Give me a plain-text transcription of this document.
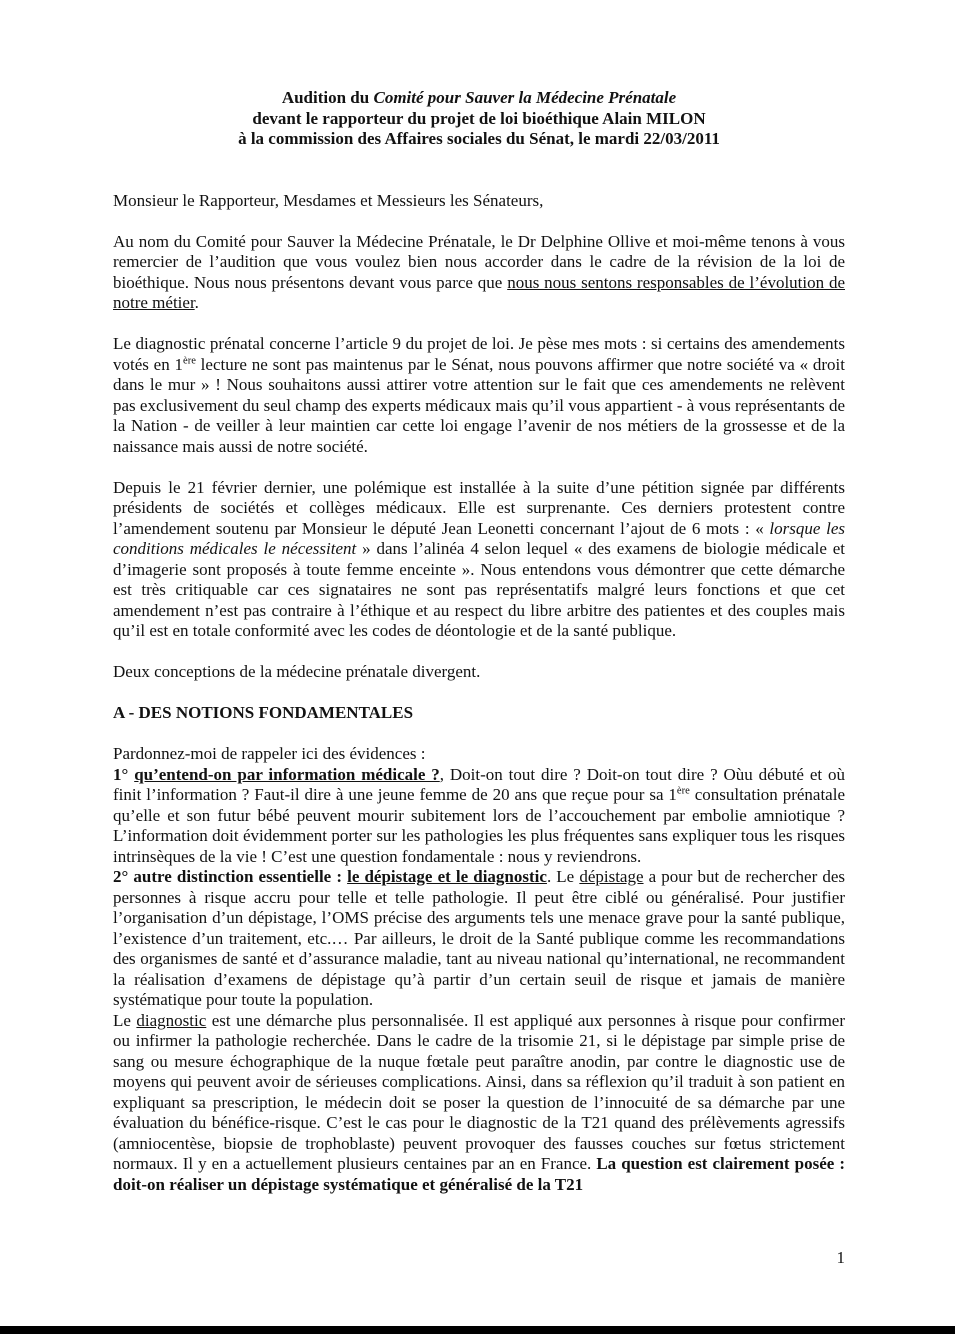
Audition du Comité pour Sauver la Médecine Prénatale
devant le rapporteur du projet de loi bioéthique Alain MILON
à la commission des Affaires sociales du Sénat, le mardi 22/03/2011

Monsieur le Rapporteur, Mesdames et Messieurs les Sénateurs,

Au nom du Comité pour Sauver la Médecine Prénatale, le Dr Delphine Ollive et moi-même tenons à vous remercier de l’audition que vous voulez bien nous accorder dans le cadre de la révision de la loi de bioéthique. Nous nous présentons devant vous parce que nous nous sentons responsables de l’évolution de notre métier.

Le diagnostic prénatal concerne l’article 9 du projet de loi. Je pèse mes mots : si certains des amendements votés en 1ère lecture ne sont pas maintenus par le Sénat, nous pouvons affirmer que notre société va « droit dans le mur » ! Nous souhaitons aussi attirer votre attention sur le fait que ces amendements ne relèvent pas exclusivement du seul champ des experts médicaux mais qu’il vous appartient - à vous représentants de la Nation - de veiller à leur maintien car cette loi engage l’avenir de nos métiers de la grossesse et de la naissance mais aussi de notre société.

Depuis le 21 février dernier, une polémique est installée à la suite d’une pétition signée par différents présidents de sociétés et collèges médicaux. Elle est surprenante. Ces derniers protestent contre l’amendement soutenu par Monsieur le député Jean Leonetti concernant l’ajout de 6 mots : « lorsque les conditions médicales le nécessitent » dans l’alinéa 4 selon lequel « des examens de biologie médicale et d’imagerie sont proposés à toute femme enceinte ». Nous entendons vous démontrer que cette démarche est très critiquable car ces signataires ne sont pas représentatifs malgré leurs fonctions et que cet amendement n’est pas contraire à l’éthique et au respect du libre arbitre des patientes et des couples mais qu’il est en totale conformité avec les codes de déontologie et de la santé publique.

Deux conceptions de la médecine prénatale divergent.

A - DES NOTIONS FONDAMENTALES

Pardonnez-moi de rappeler ici des évidences :

1° qu’entend-on par information médicale ?, Doit-on tout dire ? Doit-on tout dire ? Oùu débuté et où finit l’information ? Faut-il dire à une jeune femme de 20 ans que reçue pour sa 1ère consultation prénatale qu’elle et son futur bébé peuvent mourir subitement lors de l’accouchement par embolie amniotique ? L’information doit évidemment porter sur les pathologies les plus fréquentes sans expliquer tous les risques intrinsèques de la vie ! C’est une question fondamentale : nous y reviendrons.

2° autre distinction essentielle : le dépistage et le diagnostic. Le dépistage a pour but de rechercher des personnes à risque accru pour telle et telle pathologie. Il peut être ciblé ou généralisé. Pour justifier l’organisation d’un dépistage, l’OMS précise des arguments tels une menace grave pour la santé publique, l’existence d’un traitement, etc.… Par ailleurs, le droit de la Santé publique comme les recommandations des organismes de santé et d’assurance maladie, tant au niveau national qu’international, ne recommandent la réalisation d’examens de dépistage qu’à partir d’un certain seuil de risque et jamais de manière systématique pour toute la population.

Le diagnostic est une démarche plus personnalisée. Il est appliqué aux personnes à risque pour confirmer ou infirmer la pathologie recherchée. Dans le cadre de la trisomie 21, si le dépistage par simple prise de sang ou mesure échographique de la nuque fœtale peut paraître anodin, par contre le diagnostic use de moyens qui peuvent avoir de sérieuses complications. Ainsi, dans sa réflexion qu’il traduit à son patient en expliquant sa prescription, le médecin doit se poser la question de l’innocuité de sa démarche par une évaluation du bénéfice-risque. C’est le cas pour le diagnostic de la T21 quand des prélèvements agressifs (amniocentèse, biopsie de trophoblaste) peuvent provoquer des fausses couches sur fœtus strictement normaux. Il y en a actuellement plusieurs centaines par an en France. La question est clairement posée : doit-on réaliser un dépistage systématique et généralisé de la T21

1
